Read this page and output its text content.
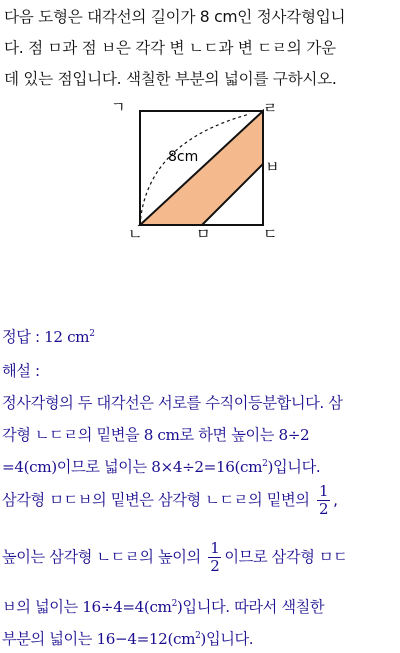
다음 도형은 대각선의 길이가 8 cm인 정사각형입니
다. 점 ㅁ과 점 ㅂ은 각각 변 ㄴㄷ과 변 ㄷㄹ의 가운
데 있는 점입니다. 색칠한 부분의 넓이를 구하시오.
ㄱ	ㄹ
ㅂ
ㄴ	ㅁ	ㄷ
8cm
정답 : 12 $cm^2$
해설 :
정사각형의 두 대각선은 서로를 수직이등분합니다. 삼
각형 ㄴㄷㄹ의 밑변을 8 cm로 하면 높이는 8÷2
=4(cm)이므로 넓이는 $8\times 4\div 2=16(cm^2)$입니다.
삼각형 ㅁㄷㅂ의 밑변은 삼각형 ㄴㄷㄹ의 밑변의 $\frac{1}{2}$ ,
높이는 삼각형 ㄴㄷㄹ의 높이의 $\frac{1}{2}$ 이므로 삼각형 ㅁㄷ
ㅂ의 넓이는 $16\div 4=4(cm^2)$입니다. 따라서 색칠한
부분의 넓이는 $16-4=12(cm^2)$입니다.
